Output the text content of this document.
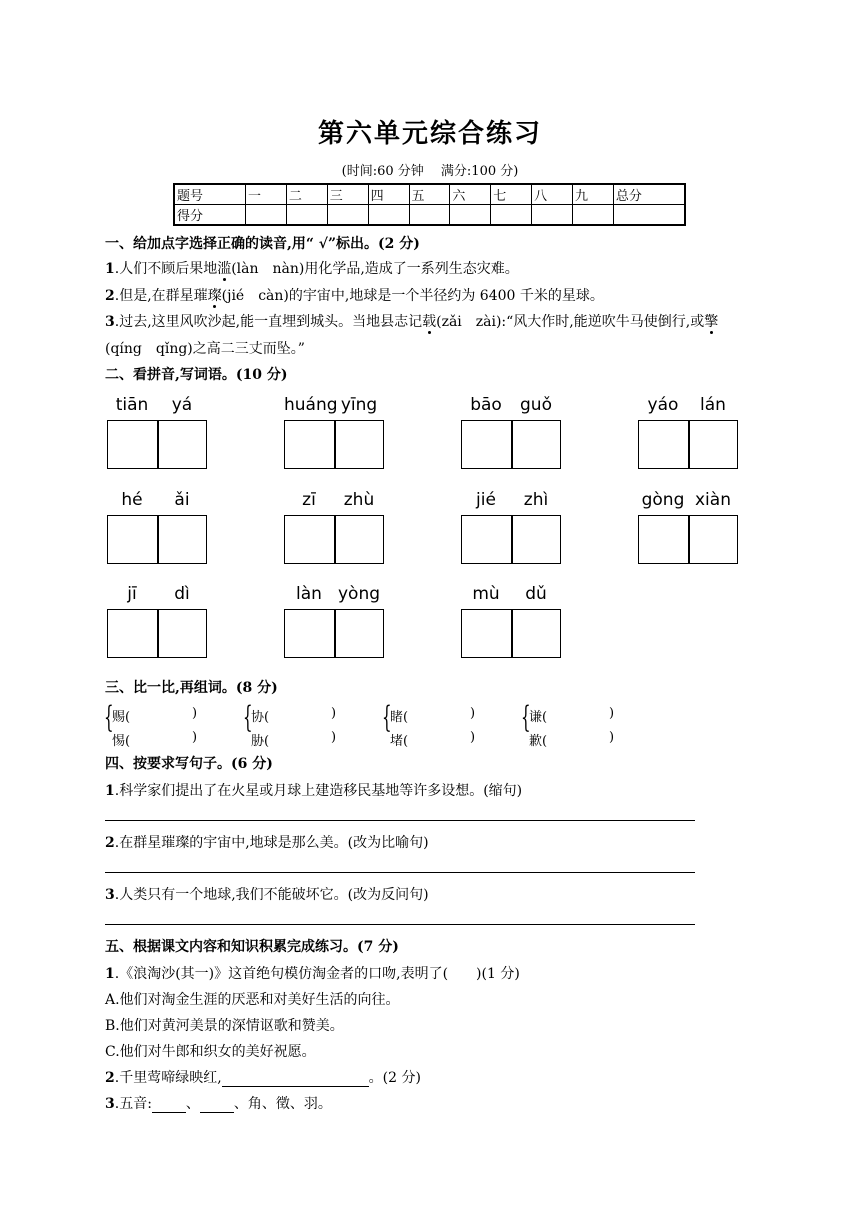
第六单元综合练习
(时间:60 分钟　 满分:100 分)
题号	一	二	三	四	五	六	七	八	九	总分
得分										
一、给加点字选择正确的读音,用“ √”标出。(2 分)
1.人们不顾后果地滥(làn　nàn)用化学品,造成了一系列生态灾难。
2.但是,在群星璀璨(jié　càn)的宇宙中,地球是一个半径约为 6400 千米的星球。
3.过去,这里风吹沙起,能一直埋到城头。当地县志记载(zǎi　zài):“风大作时,能逆吹牛马使倒行,或擎
(qíng　qǐng)之高二三丈而坠。”
二、看拼音,写词语。(10 分)
tiān	yá	huáng yīng	bāo	guǒ	yáo	lán
hé	ǎi	zī	zhù	jié	zhì	gòng xiàn
jī	dì	làn yòng	mù	dǔ
三、比一比,再组词。(8 分)
{
赐(	)
惕(	)
{
协(	)
胁(	)
{
睹(	)
堵(	)
{
谦(	)
歉(	)
四、按要求写句子。(6 分)
1.科学家们提出了在火星或月球上建造移民基地等许多设想。(缩句)
2.在群星璀璨的宇宙中,地球是那么美。(改为比喻句)
3.人类只有一个地球,我们不能破坏它。(改为反问句)
五、根据课文内容和知识积累完成练习。(7 分)
1.《浪淘沙(其一)》这首绝句模仿淘金者的口吻,表明了(　　)(1 分)
A.他们对淘金生涯的厌恶和对美好生活的向往。
B.他们对黄河美景的深情讴歌和赞美。
C.他们对牛郎和织女的美好祝愿。
2.千里莺啼绿映红,	。(2 分)
3.五音: 、 、角、徵、羽。
